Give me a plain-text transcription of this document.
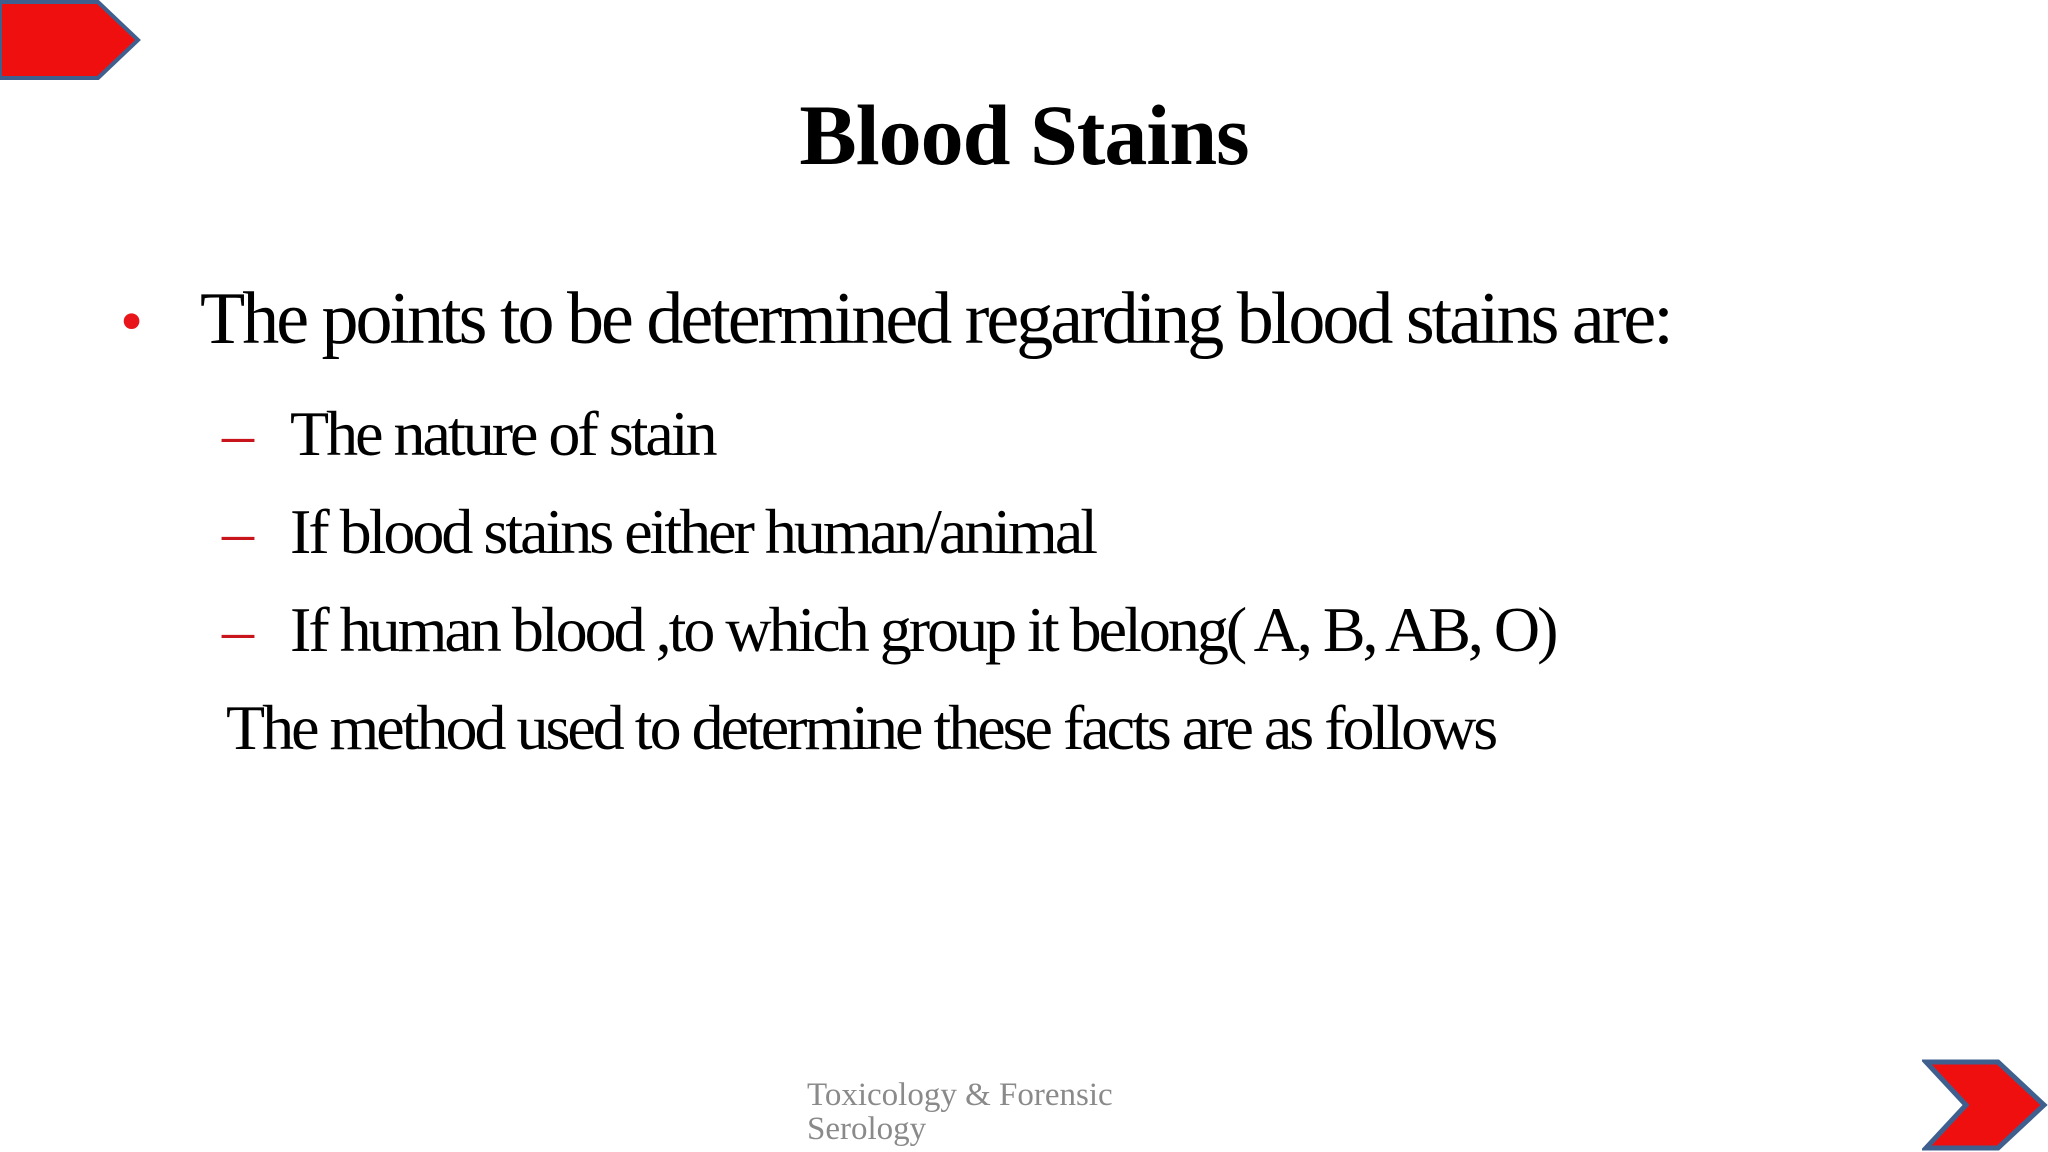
Blood Stains
• The points to be determined regarding blood stains are:
– The nature of stain
– If blood stains either human/animal
– If human blood ,to which group it belong( A, B, AB, O)
The method used to determine these facts are as follows
Toxicology & Forensic
Serology
